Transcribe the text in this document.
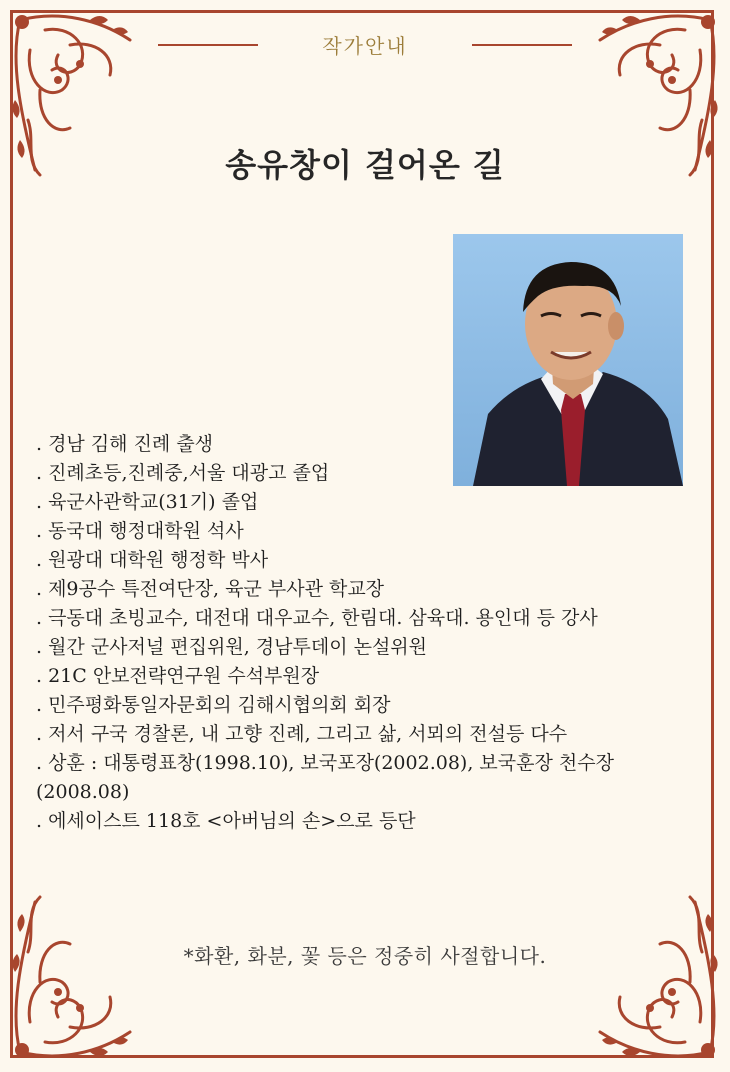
작가안내
송유창이 걸어온 길

. 경남 김해 진례 출생

. 진례초등,진례중,서울 대광고 졸업

. 육군사관학교(31기) 졸업

. 동국대 행정대학원 석사

. 원광대 대학원 행정학 박사

. 제9공수 특전여단장, 육군 부사관 학교장

. 극동대 초빙교수, 대전대 대우교수, 한림대. 삼육대. 용인대 등 강사

. 월간 군사저널 편집위원, 경남투데이 논설위원

. 21C 안보전략연구원 수석부원장

. 민주평화통일자문회의 김해시협의회 회장

. 저서 구국 경찰론, 내 고향 진례, 그리고 삶, 서뫼의 전설등 다수

. 상훈 : 대통령표창(1998.10), 보국포장(2002.08), 보국훈장 천수장 (2008.08)

. 에세이스트 118호 <아버님의 손>으로 등단

*화환, 화분, 꽃 등은 정중히 사절합니다.
